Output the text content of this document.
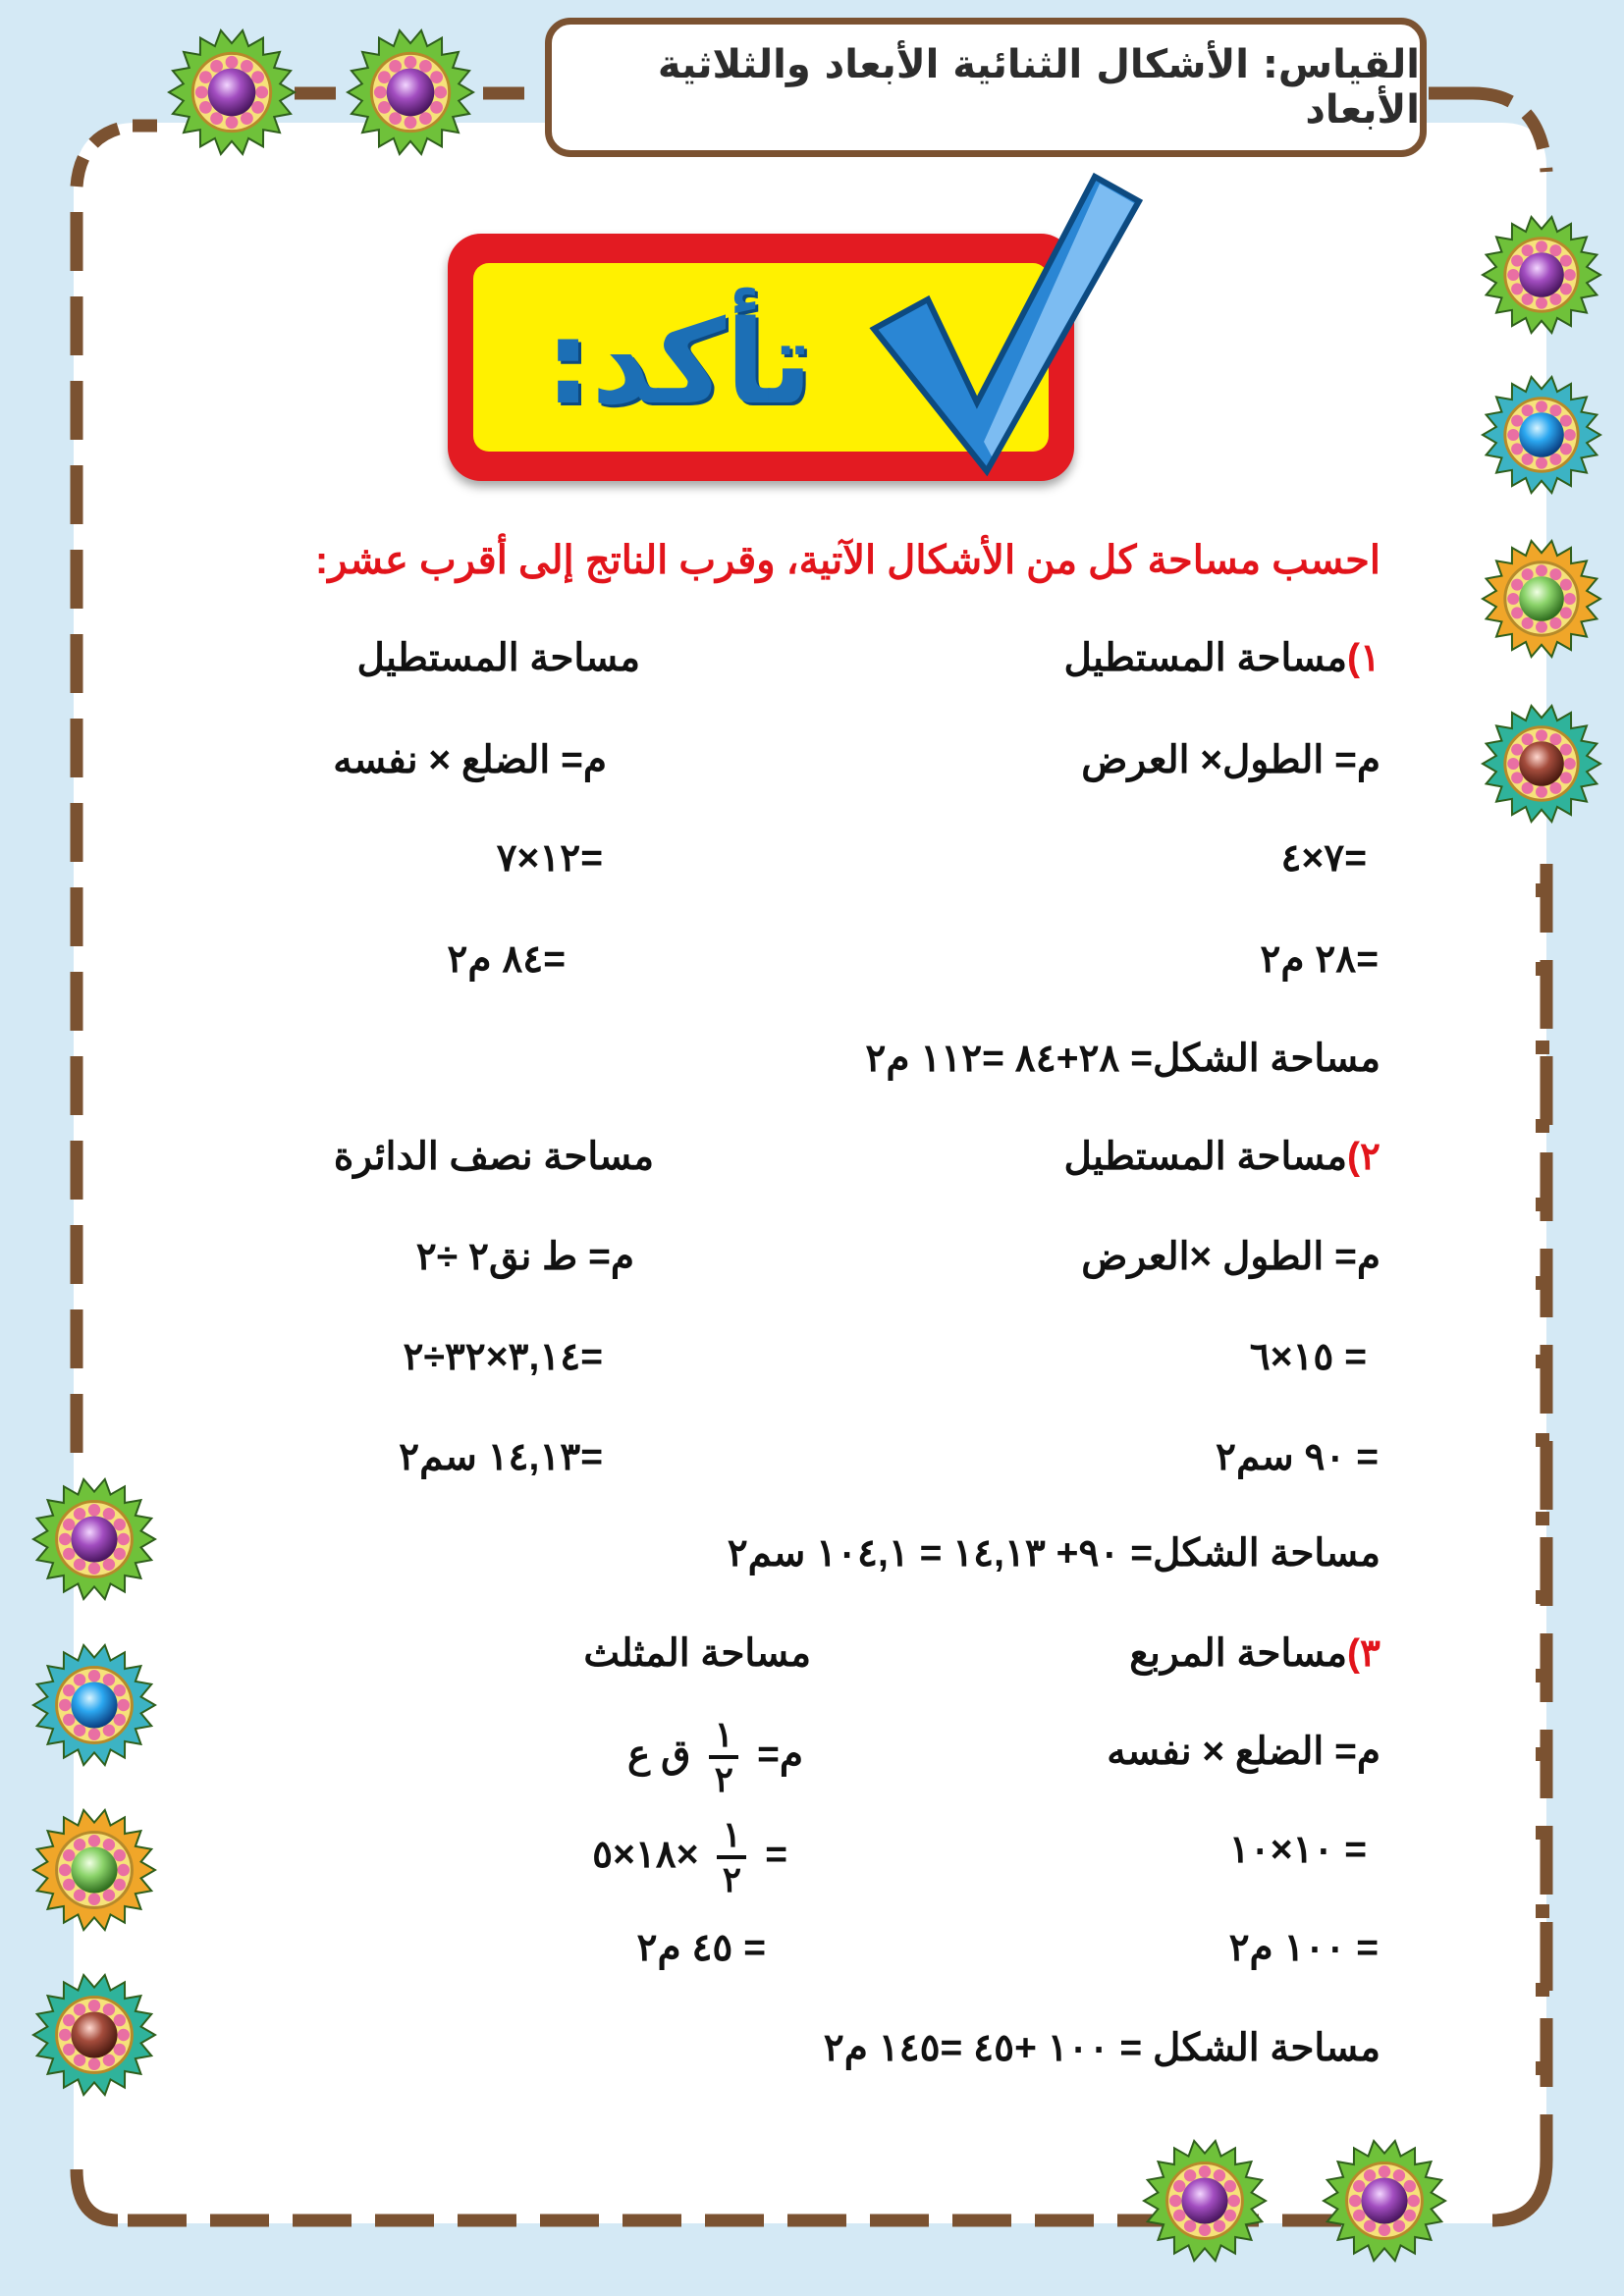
القياس: الأشكال الثنائية الأبعاد والثلاثية الأبعاد
تأكد:
احسب مساحة كل من الأشكال الآتية، وقرب الناتج إلى أقرب عشر:
١)مساحة المستطيل
مساحة المستطيل
م= الطول× العرض
م= الضلع × نفسه
=٧×٤
=١٢×٧
=٢٨ م٢
=٨٤ م٢
مساحة الشكل= ٢٨+٨٤ =١١٢ م٢
٢)مساحة المستطيل
مساحة نصف الدائرة
م= الطول ×العرض
م= ط نق٢ ÷٢
= ١٥×٦
=٣,١٤×٣٢÷٢
= ٩٠ سم٢
=١٤,١٣ سم٢
مساحة الشكل= ٩٠+ ١٤,١٣ = ١٠٤,١ سم٢
٣)مساحة المربع
مساحة المثلث
م= الضلع × نفسه
م=
$\frac{١}{٢}$
ق ع
= ١٠×١٠
=
$\frac{١}{٢}$
×١٨×٥
= ١٠٠ م٢
= ٤٥ م٢
مساحة الشكل = ١٠٠ +٤٥ =١٤٥ م٢
